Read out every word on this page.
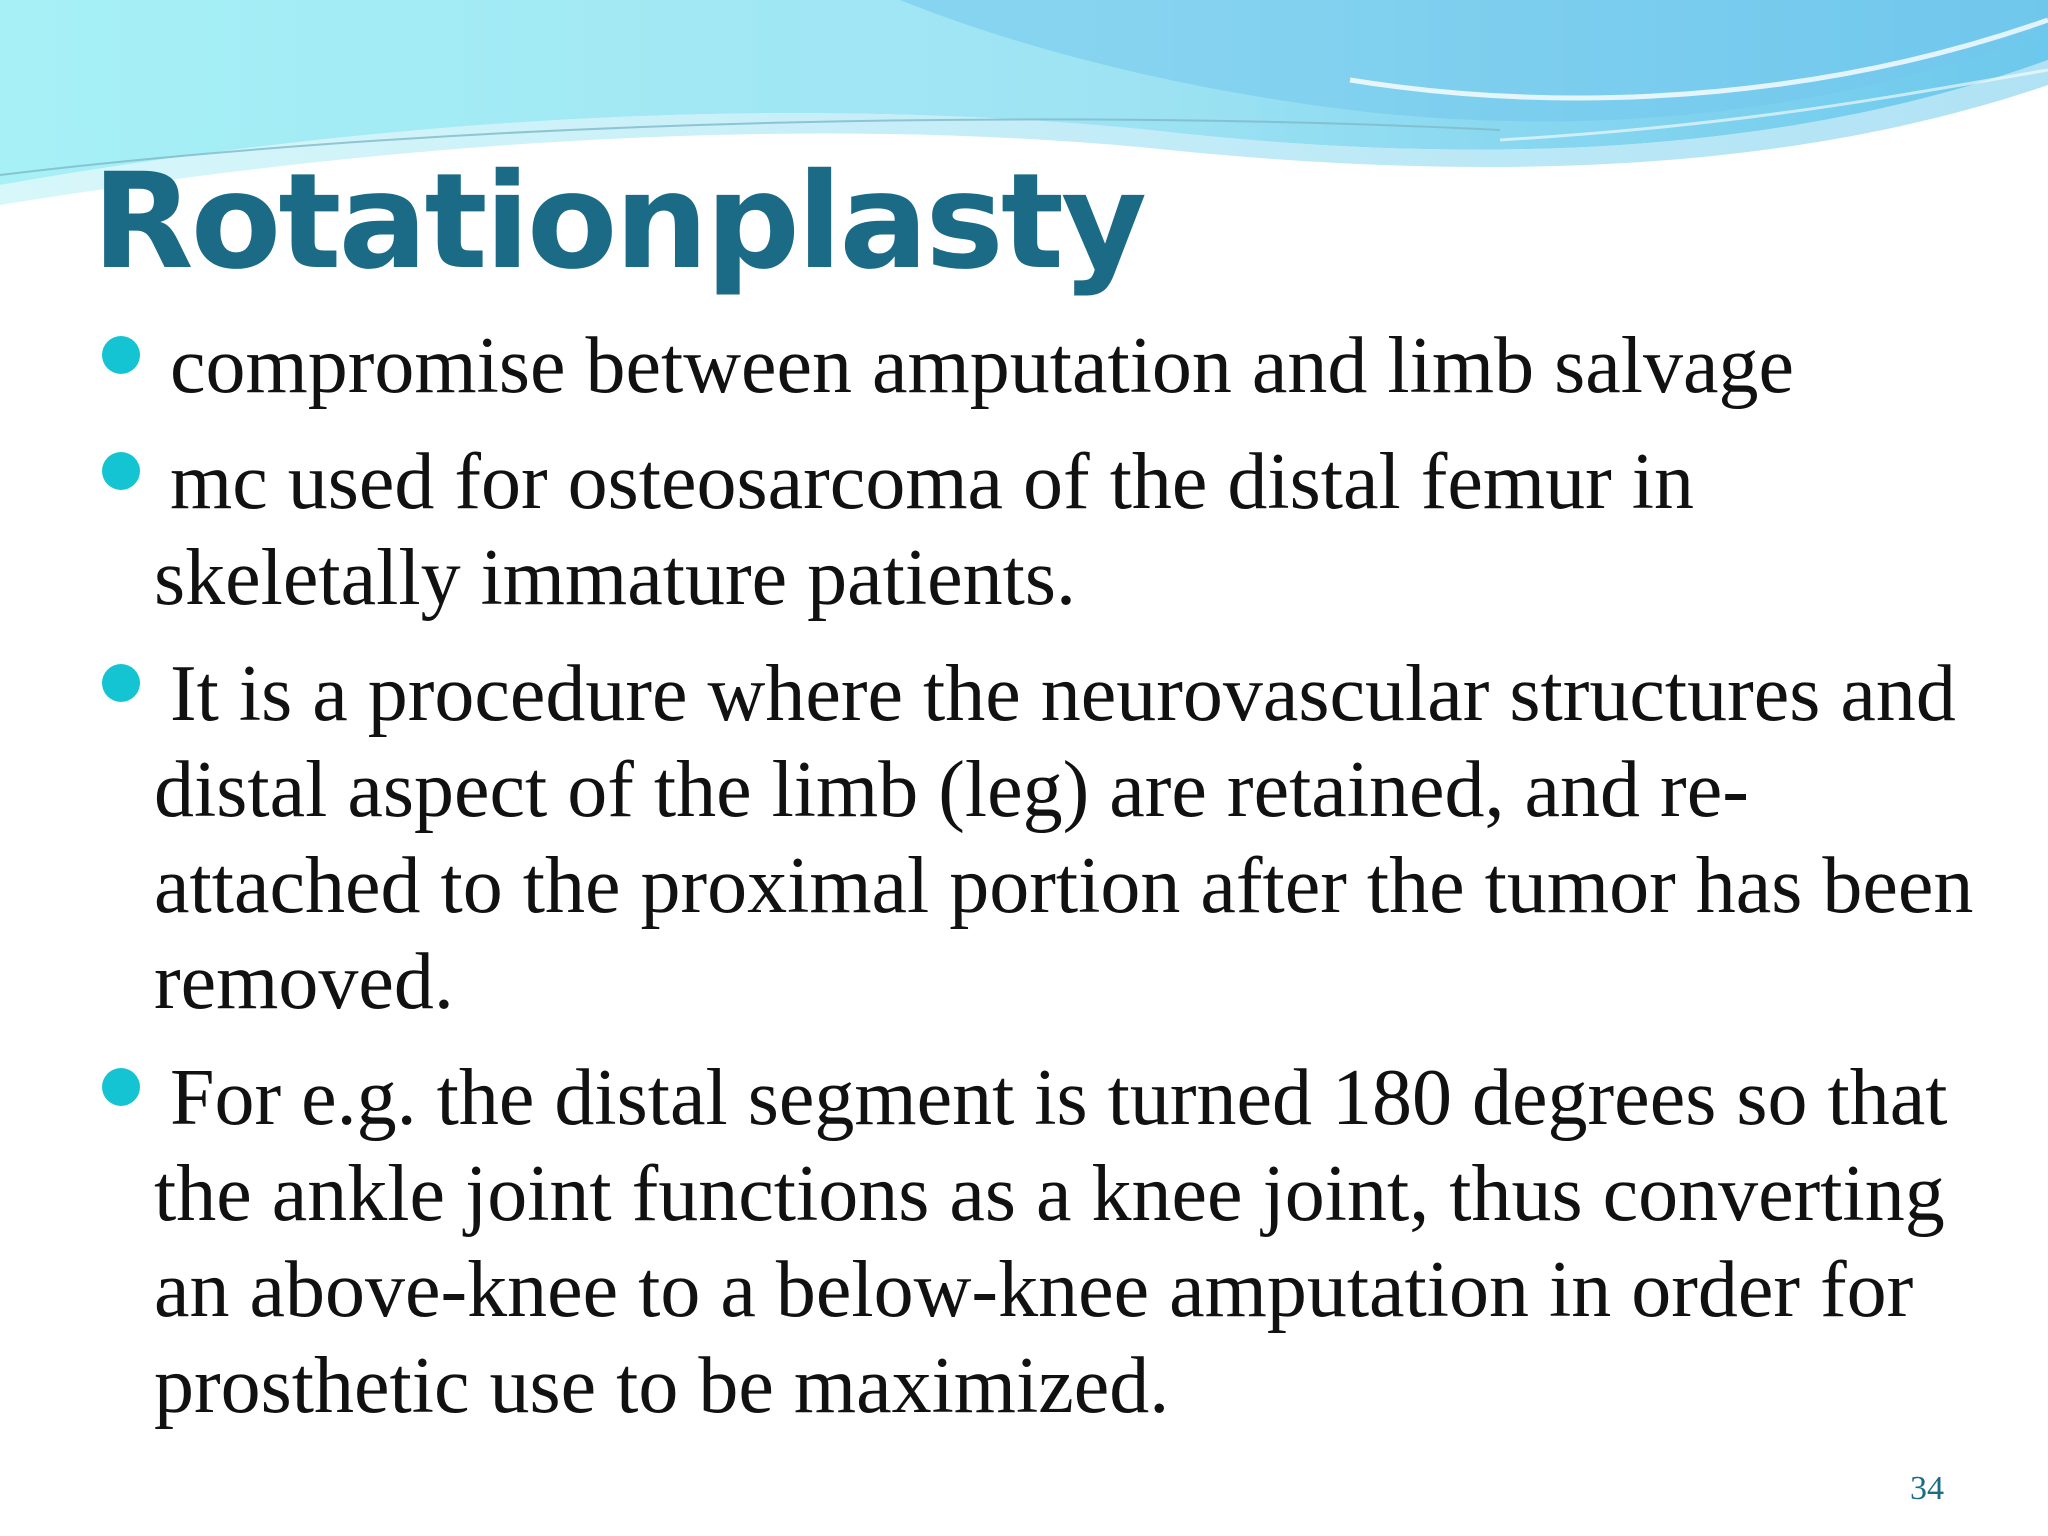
Rotationplasty
compromise between amputation and limb salvage
mc used for osteosarcoma of the distal femur in skeletally immature patients.
It is a procedure where the neurovascular structures and distal aspect of the limb (leg) are retained, and re-attached to the proximal portion after the tumor has been removed.
For e.g. the distal segment is turned 180 degrees so that the ankle joint functions as a knee joint, thus converting an above-knee to a below-knee amputation in order for prosthetic use to be maximized.
34
